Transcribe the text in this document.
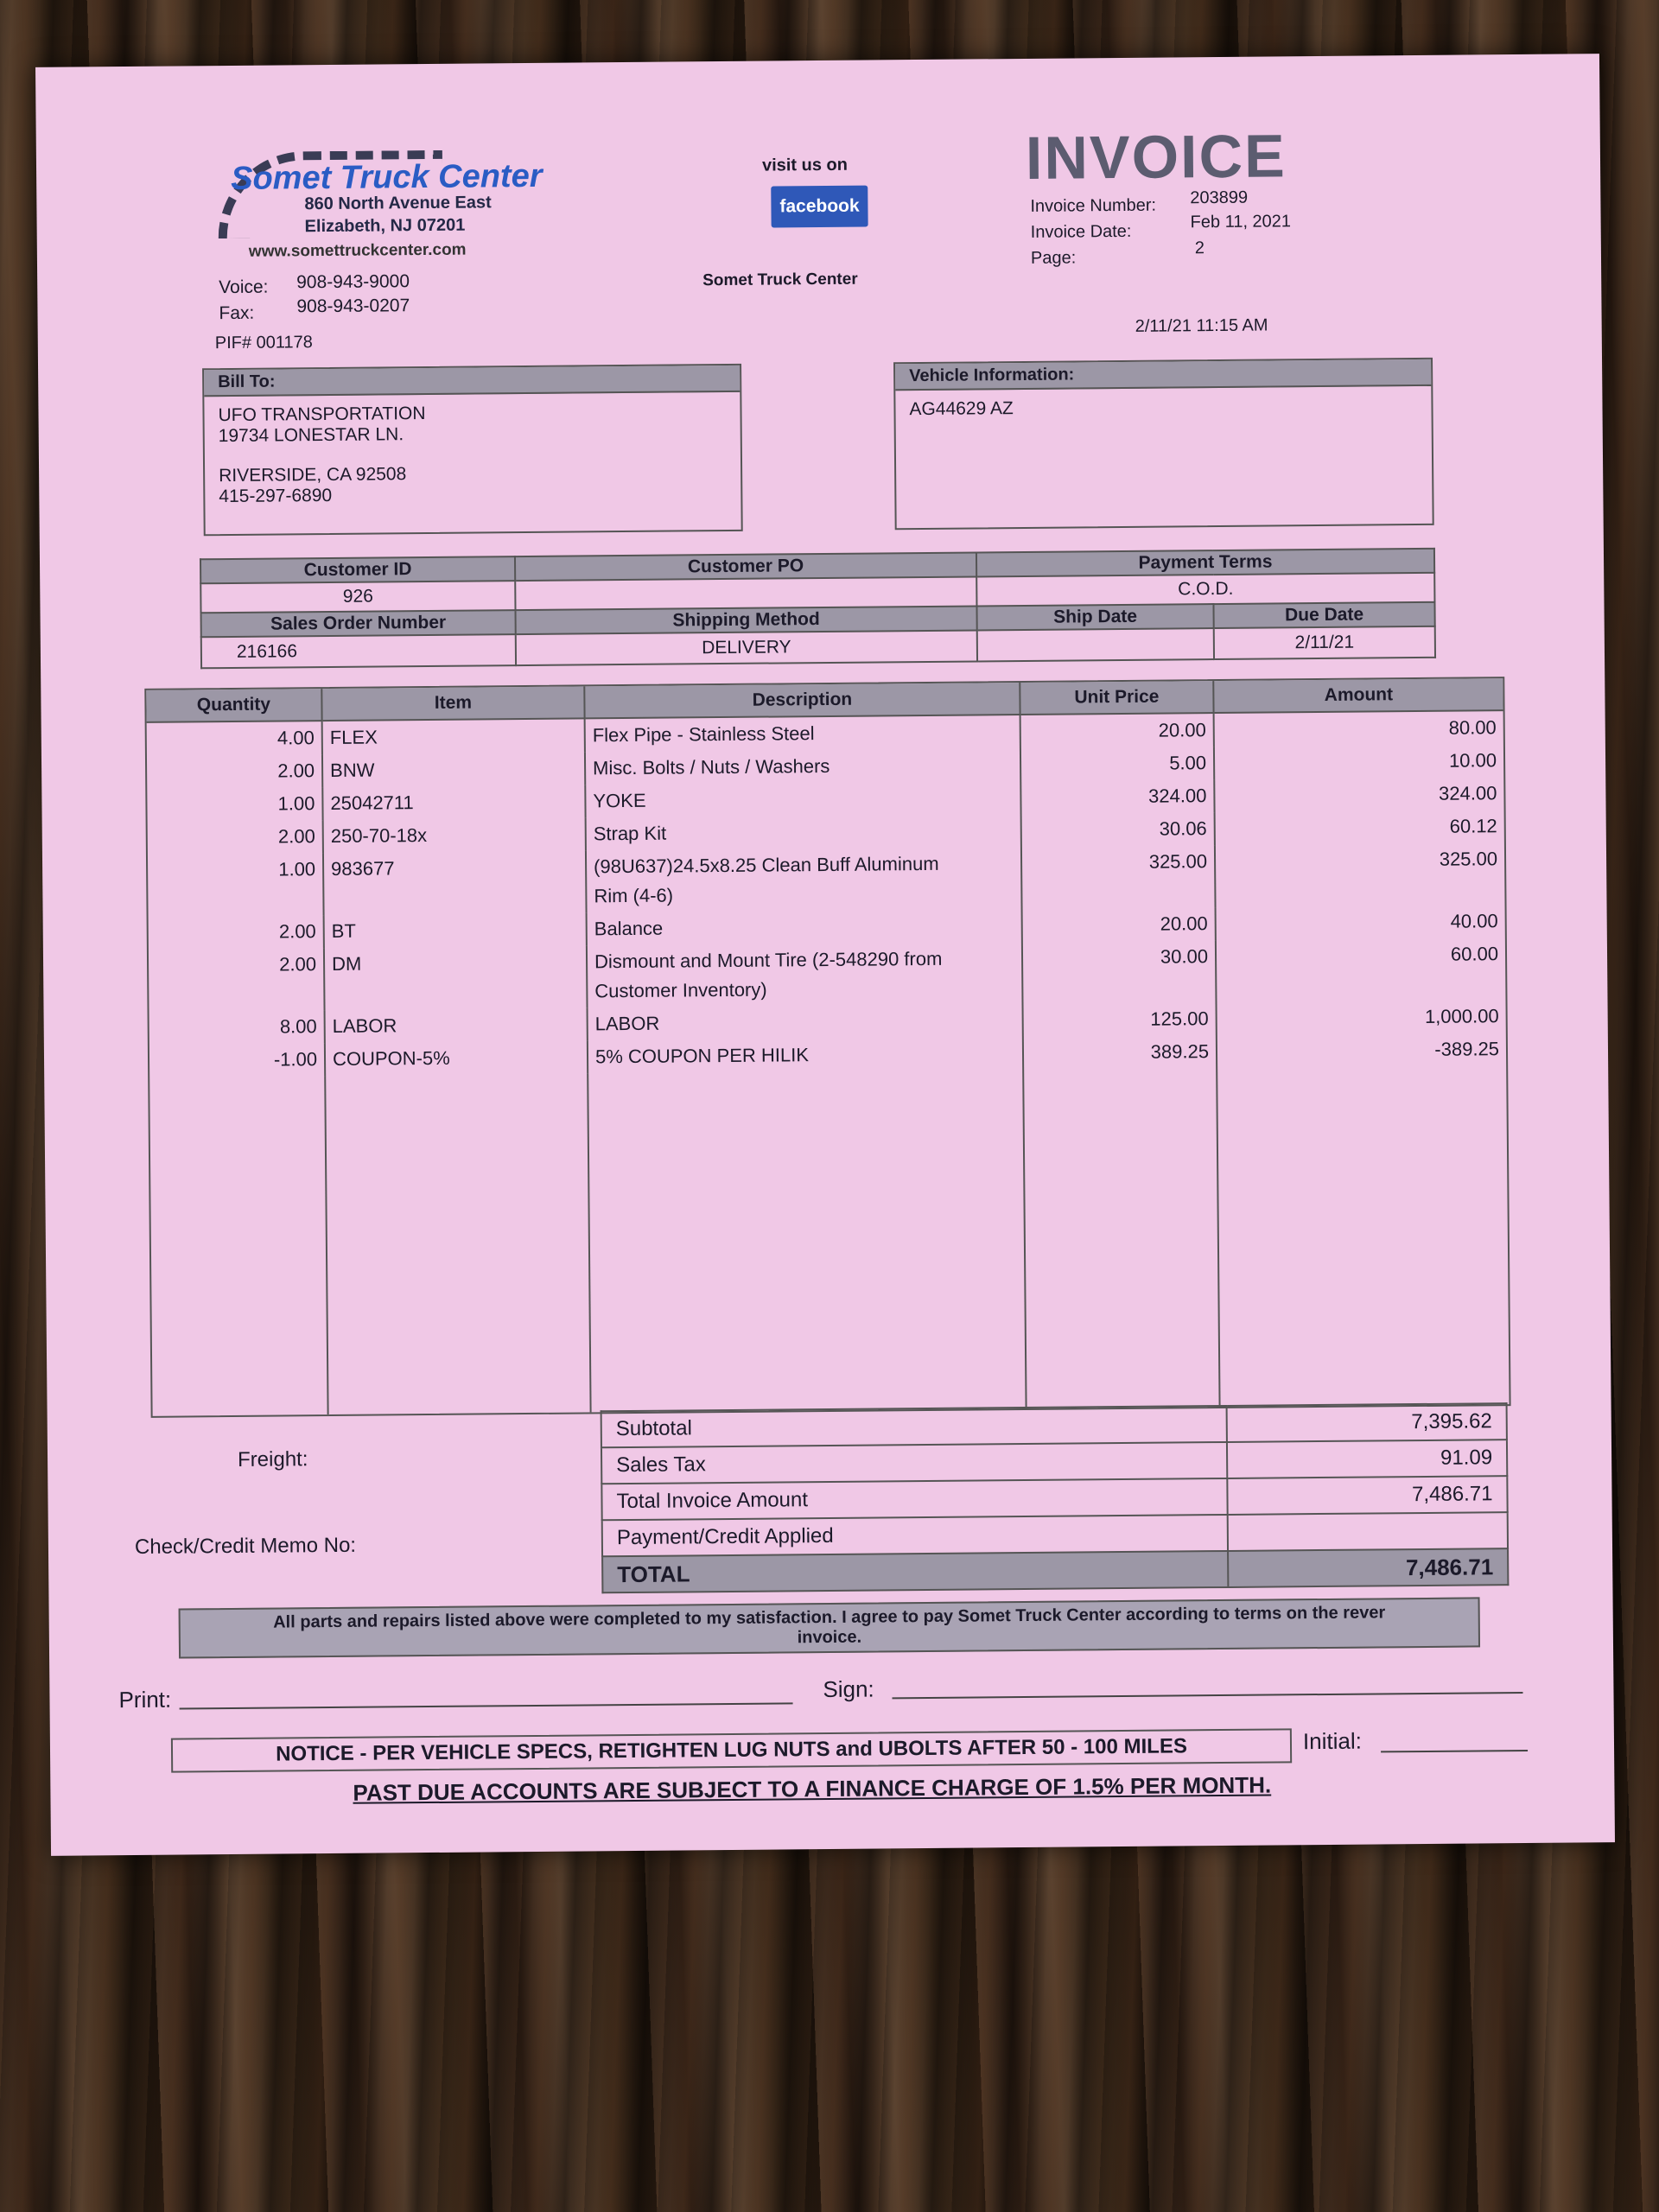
Somet Truck Center
860 North Avenue East
Elizabeth, NJ 07201
www.somettruckcenter.com
Voice: 908-943-9000
Fax: 908-943-0207
PIF# 001178
visit us on
facebook
Somet Truck Center
INVOICE
Invoice Number: 203899
Invoice Date:
Feb 11, 2021
Page:
2
2/11/21 11:15 AM
Bill To:
UFO TRANSPORTATION
19734 LONESTAR LN.
RIVERSIDE, CA 92508
415-297-6890
Vehicle Information:
AG44629 AZ
Customer ID	Customer PO	Payment Terms	
926		C.O.D.	
Sales Order Number	Shipping Method	Ship Date	Due Date
216166	DELIVERY		2/11/21
Quantity	Item	Description	Unit Price	Amount
4.00	FLEX	Flex Pipe - Stainless Steel	20.00	80.00
2.00	BNW	Misc. Bolts / Nuts / Washers	5.00	10.00
1.00	25042711	YOKE	324.00	324.00
2.00	250-70-18x	Strap Kit	30.06	60.12
1.00	983677	(98U637)24.5x8.25 Clean Buff Aluminum
Rim (4-6)	325.00	325.00
2.00	BT	Balance	20.00	40.00
2.00	DM	Dismount and Mount Tire (2-548290 from
Customer Inventory)	30.00	60.00
8.00	LABOR	LABOR	125.00	1,000.00
-1.00	COUPON-5%	5% COUPON PER HILIK	389.25	-389.25

Freight:
Check/Credit Memo No:
Subtotal	7,395.62
Sales Tax	91.09
Total Invoice Amount	7,486.71
Payment/Credit Applied	
TOTAL	7,486.71
All parts and repairs listed above were completed to my satisfaction. I agree to pay Somet Truck Center according to terms on the rever
invoice.
Print:	Sign:
NOTICE - PER VEHICLE SPECS, RETIGHTEN LUG NUTS and UBOLTS AFTER 50 - 100 MILES	Initial:
PAST DUE ACCOUNTS ARE SUBJECT TO A FINANCE CHARGE OF 1.5% PER MONTH.
